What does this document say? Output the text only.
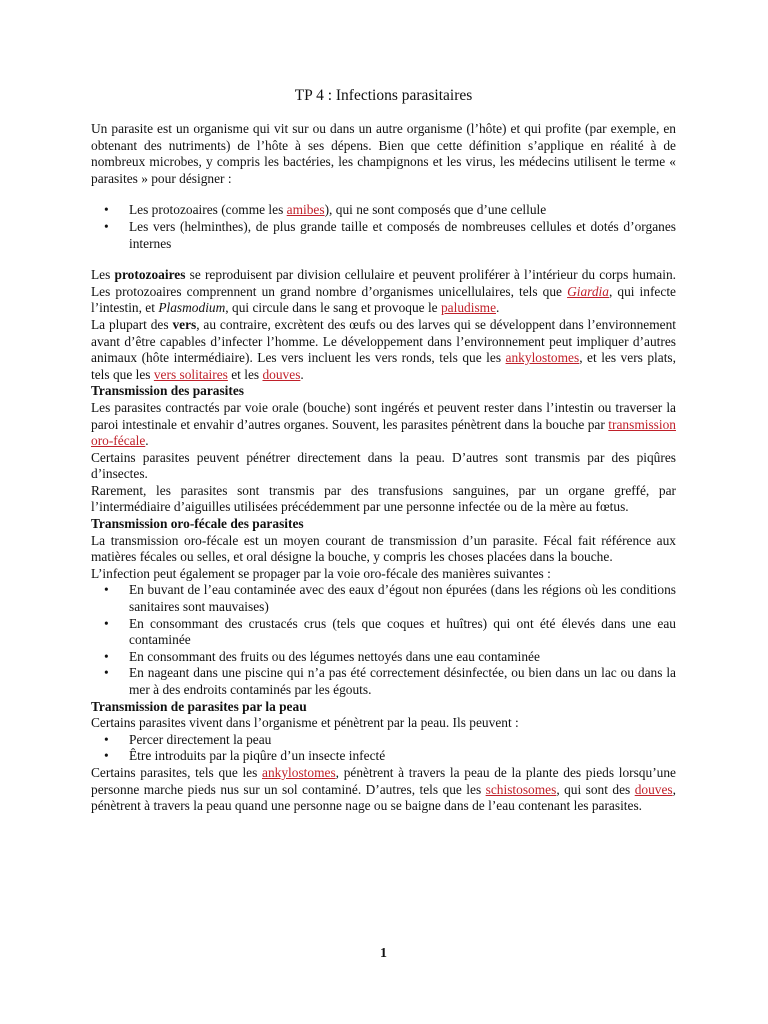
TP 4 : Infections parasitaires

Un parasite est un organisme qui vit sur ou dans un autre organisme (l’hôte) et qui profite (par exemple, en obtenant des nutriments) de l’hôte à ses dépens. Bien que cette définition s’applique en réalité à de nombreux microbes, y compris les bactéries, les champignons et les virus, les médecins utilisent le terme « parasites » pour désigner :

• Les protozoaires (comme les amibes), qui ne sont composés que d’une cellule
• Les vers (helminthes), de plus grande taille et composés de nombreuses cellules et dotés d’organes internes

Les protozoaires se reproduisent par division cellulaire et peuvent proliférer à l’intérieur du corps humain. Les protozoaires comprennent un grand nombre d’organismes unicellulaires, tels que Giardia, qui infecte l’intestin, et Plasmodium, qui circule dans le sang et provoque le paludisme.

La plupart des vers, au contraire, excrètent des œufs ou des larves qui se développent dans l’environnement avant d’être capables d’infecter l’homme. Le développement dans l’environnement peut impliquer d’autres animaux (hôte intermédiaire). Les vers incluent les vers ronds, tels que les ankylostomes, et les vers plats, tels que les vers solitaires et les douves.

Transmission des parasites

Les parasites contractés par voie orale (bouche) sont ingérés et peuvent rester dans l’intestin ou traverser la paroi intestinale et envahir d’autres organes. Souvent, les parasites pénètrent dans la bouche par transmission oro-fécale.

Certains parasites peuvent pénétrer directement dans la peau. D’autres sont transmis par des piqûres d’insectes.

Rarement, les parasites sont transmis par des transfusions sanguines, par un organe greffé, par l’intermédiaire d’aiguilles utilisées précédemment par une personne infectée ou de la mère au fœtus.

Transmission oro-fécale des parasites

La transmission oro-fécale est un moyen courant de transmission d’un parasite. Fécal fait référence aux matières fécales ou selles, et oral désigne la bouche, y compris les choses placées dans la bouche.

L’infection peut également se propager par la voie oro-fécale des manières suivantes :

• En buvant de l’eau contaminée avec des eaux d’égout non épurées (dans les régions où les conditions sanitaires sont mauvaises)
• En consommant des crustacés crus (tels que coques et huîtres) qui ont été élevés dans une eau contaminée
• En consommant des fruits ou des légumes nettoyés dans une eau contaminée
• En nageant dans une piscine qui n’a pas été correctement désinfectée, ou bien dans un lac ou dans la mer à des endroits contaminés par les égouts.

Transmission de parasites par la peau

Certains parasites vivent dans l’organisme et pénètrent par la peau. Ils peuvent :

• Percer directement la peau
• Être introduits par la piqûre d’un insecte infecté

Certains parasites, tels que les ankylostomes, pénètrent à travers la peau de la plante des pieds lorsqu’une personne marche pieds nus sur un sol contaminé. D’autres, tels que les schistosomes, qui sont des douves, pénètrent à travers la peau quand une personne nage ou se baigne dans de l’eau contenant les parasites.

1
